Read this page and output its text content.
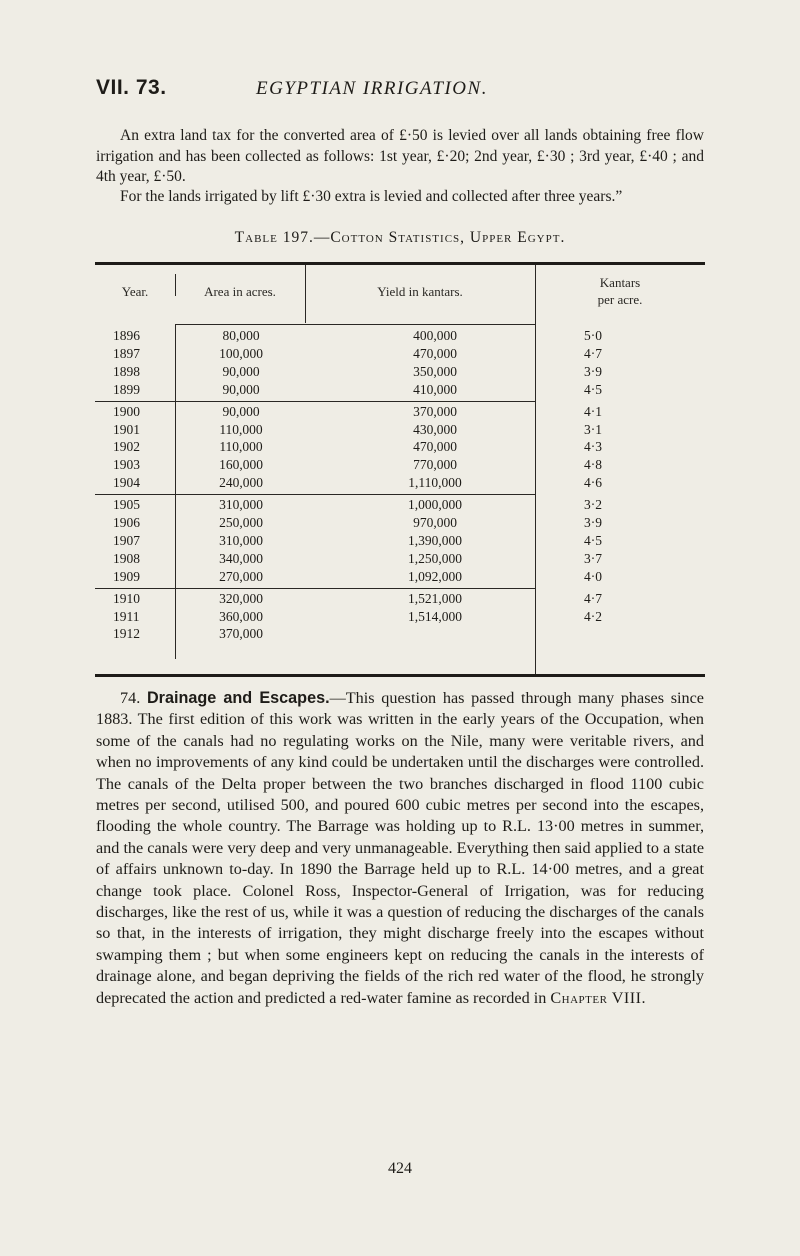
VII. 73.	EGYPTIAN IRRIGATION.

An extra land tax for the converted area of £·50 is levied over all lands obtaining free flow irrigation and has been collected as follows: 1st year, £·20; 2nd year, £·30 ; 3rd year, £·40 ; and 4th year, £·50.

For the lands irrigated by lift £·30 extra is levied and collected after three years.”

Table 197.—Cotton Statistics, Upper Egypt.
Year.	Area in acres.	Yield in kantars.
Kantars
per acre.
1896	80,000	400,000	5·0
1897	100,000	470,000	4·7
1898	90,000	350,000	3·9
1899	90,000	410,000	4·5
1900	90,000	370,000	4·1
1901	110,000	430,000	3·1
1902	110,000	470,000	4·3
1903	160,000	770,000	4·8
1904	240,000	1,110,000	4·6
1905	310,000	1,000,000	3·2
1906	250,000	970,000	3·9
1907	310,000	1,390,000	4·5
1908	340,000	1,250,000	3·7
1909	270,000	1,092,000	4·0
1910	320,000	1,521,000	4·7
1911	360,000	1,514,000	4·2
1912	370,000

74. Drainage and Escapes.—This question has passed through many phases since 1883. The first edition of this work was written in the early years of the Occupation, when some of the canals had no regulating works on the Nile, many were veritable rivers, and when no improvements of any kind could be undertaken until the discharges were controlled. The canals of the Delta proper between the two branches discharged in flood 1100 cubic metres per second, utilised 500, and poured 600 cubic metres per second into the escapes, flooding the whole country. The Barrage was holding up to R.L. 13·00 metres in summer, and the canals were very deep and very unmanageable. Everything then said applied to a state of affairs unknown to-day. In 1890 the Barrage held up to R.L. 14·00 metres, and a great change took place. Colonel Ross, Inspector-General of Irrigation, was for reducing discharges, like the rest of us, while it was a question of reducing the discharges of the canals so that, in the interests of irrigation, they might discharge freely into the escapes without swamping them ; but when some engineers kept on reducing the canals in the interests of drainage alone, and began depriving the fields of the rich red water of the flood, he strongly deprecated the action and predicted a red-water famine as recorded in Chapter VIII.

424
